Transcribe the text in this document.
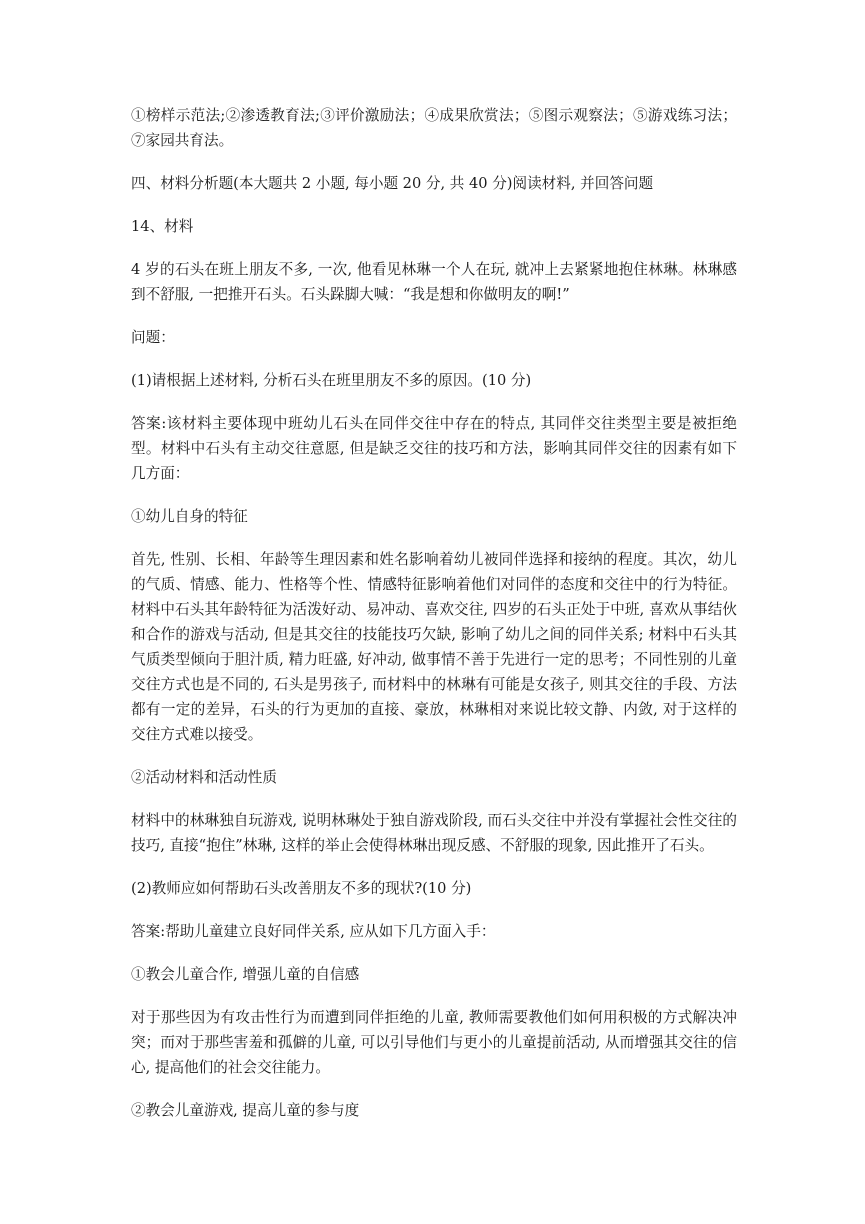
①榜样示范法;②渗透教育法;③评价激励法；④成果欣赏法；⑤图示观察法；⑤游戏练习法；⑦家园共育法。

四、材料分析题(本大题共 2 小题, 每小题 20 分, 共 40 分)阅读材料, 并回答问题

14、材料

4 岁的石头在班上朋友不多, 一次, 他看见林琳一个人在玩, 就冲上去紧紧地抱住林琳。林琳感到不舒服, 一把推开石头。石头跺脚大喊：“我是想和你做明友的啊!”

问题：

(1)请根据上述材料, 分析石头在班里朋友不多的原因。(10 分)

答案:该材料主要体现中班幼儿石头在同伴交往中存在的特点, 其同伴交往类型主要是被拒绝型。材料中石头有主动交往意愿, 但是缺乏交往的技巧和方法，影响其同伴交往的因素有如下几方面：

①幼儿自身的特征

首先, 性别、长相、年龄等生理因素和姓名影响着幼儿被同伴选择和接纳的程度。其次，幼儿的气质、情感、能力、性格等个性、情感特征影响着他们对同伴的态度和交往中的行为特征。材料中石头其年龄特征为活泼好动、易冲动、喜欢交往, 四岁的石头正处于中班, 喜欢从事结伙和合作的游戏与活动, 但是其交往的技能技巧欠缺, 影响了幼儿之间的同伴关系; 材料中石头其气质类型倾向于胆汁质, 精力旺盛, 好冲动, 做事情不善于先进行一定的思考；不同性别的儿童交往方式也是不同的, 石头是男孩子, 而材料中的林琳有可能是女孩子, 则其交往的手段、方法都有一定的差异，石头的行为更加的直接、豪放，林琳相对来说比较文静、内敛, 对于这样的交往方式难以接受。

②活动材料和活动性质

材料中的林琳独自玩游戏, 说明林琳处于独自游戏阶段, 而石头交往中并没有掌握社会性交往的技巧, 直接“抱住”林琳, 这样的举止会使得林琳出现反感、不舒服的现象, 因此推开了石头。

(2)教师应如何帮助石头改善朋友不多的现状?(10 分)

答案:帮助儿童建立良好同伴关系, 应从如下几方面入手：

①教会儿童合作, 增强儿童的自信感

对于那些因为有攻击性行为而遭到同伴拒绝的儿童, 教师需要教他们如何用积极的方式解决冲突；而对于那些害羞和孤僻的儿童, 可以引导他们与更小的儿童提前活动, 从而增强其交往的信心, 提高他们的社会交往能力。

②教会儿童游戏, 提高儿童的参与度
